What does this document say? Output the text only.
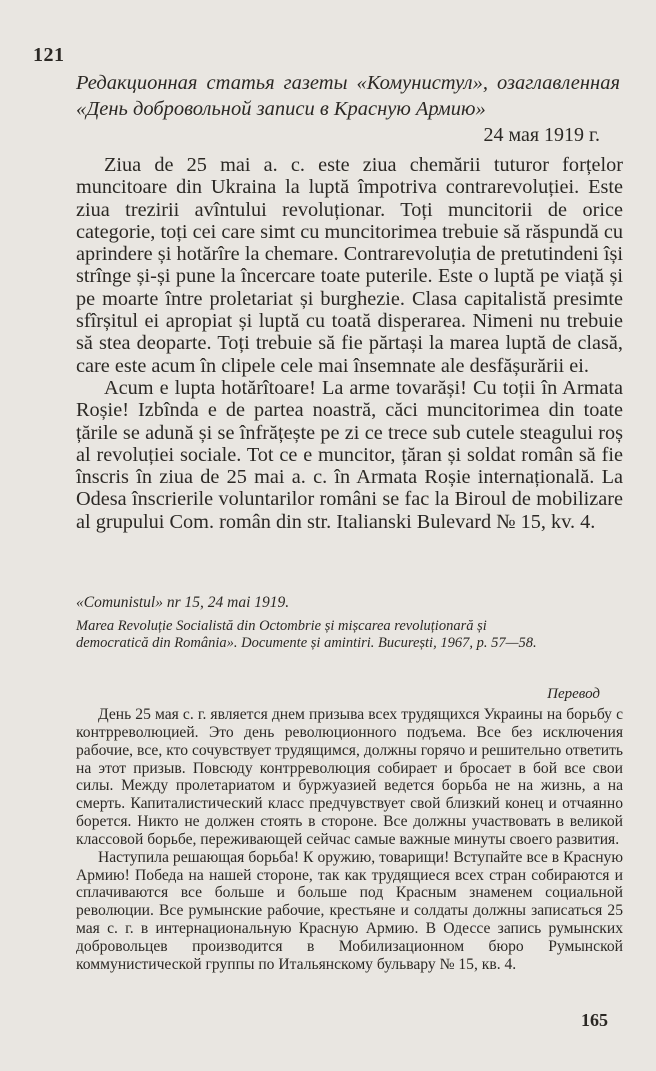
121
Редакционная статья газеты «Комунистул», озаглавленная «День добровольной записи в Красную Армию»
24 мая 1919 г.

Ziua de 25 mai a. c. este ziua chemării tuturor forțelor muncitoare din Ukraina la luptă împotriva contrarevoluției. Este ziua trezirii avîntului revoluționar. Toți muncitorii de orice categorie, toți cei care simt cu muncitorimea trebuie să răspundă cu aprindere și hotărîre la chemare. Contrarevoluția de pretutindeni își strînge și-și pune la încercare toate puterile. Este o luptă pe viață și pe moarte între proletariat și burghezie. Clasa capitalistă presimte sfîrșitul ei apropiat și luptă cu toată disperarea. Nimeni nu trebuie să stea deoparte. Toți trebuie să fie părtași la marea luptă de clasă, care este acum în clipele cele mai însemnate ale desfășurării ei.

Acum e lupta hotărîtoare! La arme tovarăși! Cu toții în Armata Roșie! Izbînda e de partea noastră, căci muncitorimea din toate țările se adună și se înfrățește pe zi ce trece sub cutele steagului roș al revoluției sociale. Tot ce e muncitor, țăran și soldat român să fie înscris în ziua de 25 mai a. c. în Armata Roșie internațională. La Odesa înscrierile voluntarilor români se fac la Biroul de mobilizare al grupului Com. român din str. Italianski Bulevard № 15, kv. 4.

«Comunistul» nr 15, 24 mai 1919.
Marea Revoluție Socialistă din Octombrie și mișcarea revoluționară și democratică din România». Documente și amintiri. București, 1967, p. 57—58.
Перевод

День 25 мая с. г. является днем призыва всех трудящихся Украины на борьбу с контрреволюцией. Это день революционного подъема. Все без исключения рабочие, все, кто сочувствует трудящимся, должны горячо и решительно ответить на этот призыв. Повсюду контрреволюция собирает и бросает в бой все свои силы. Между пролетариатом и буржуазией ведется борьба не на жизнь, а на смерть. Капиталистический класс предчувствует свой близкий конец и отчаянно борется. Никто не должен стоять в стороне. Все должны участвовать в великой классовой борьбе, переживающей сейчас самые важные минуты своего развития.

Наступила решающая борьба! К оружию, товарищи! Вступайте все в Красную Армию! Победа на нашей стороне, так как трудящиеся всех стран собираются и сплачиваются все больше и больше под Красным знаменем социальной революции. Все румынские рабочие, крестьяне и солдаты должны записаться 25 мая с. г. в интернациональную Красную Армию. В Одессе запись румынских добровольцев производится в Мобилизационном бюро Румынской коммунистической группы по Итальянскому бульвару № 15, кв. 4.

165
